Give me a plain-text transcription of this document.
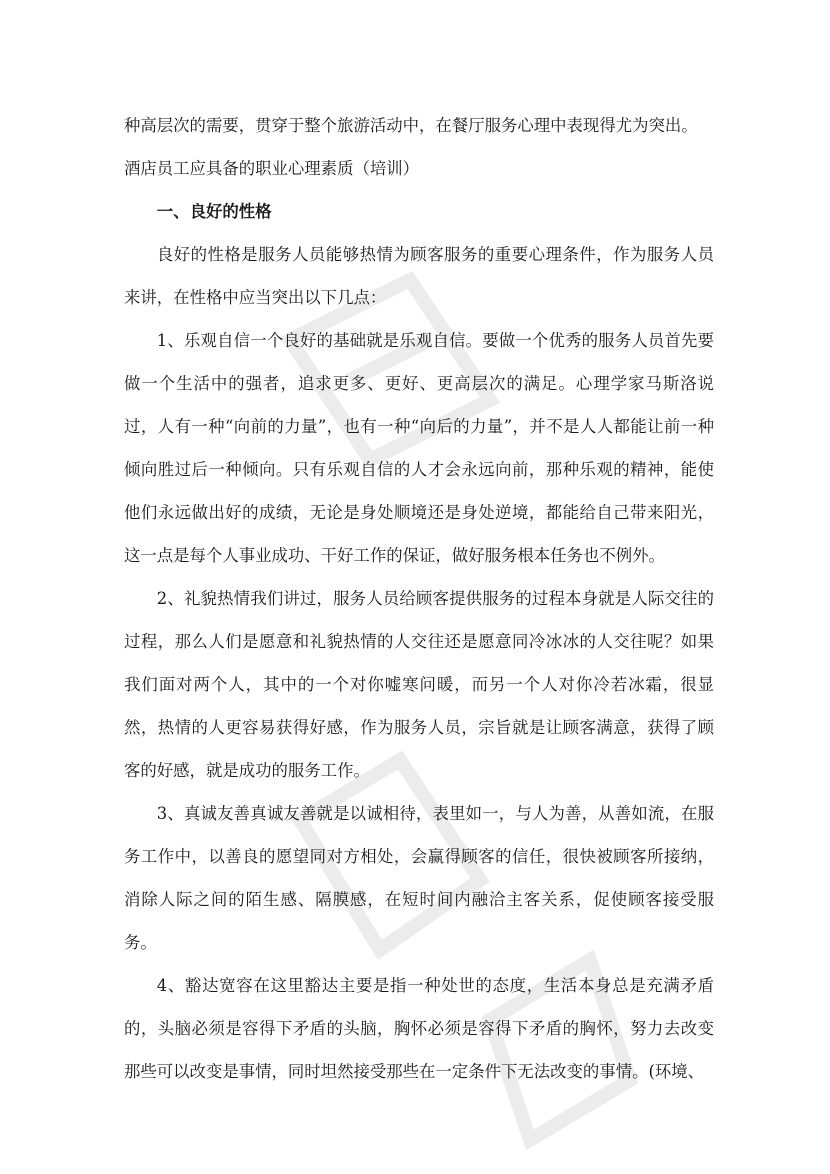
种高层次的需要，贯穿于整个旅游活动中，在餐厅服务心理中表现得尤为突出。

酒店员工应具备的职业心理素质（培训）

一、良好的性格

良好的性格是服务人员能够热情为顾客服务的重要心理条件，作为服务人员来讲，在性格中应当突出以下几点：

1、乐观自信一个良好的基础就是乐观自信。要做一个优秀的服务人员首先要做一个生活中的强者，追求更多、更好、更高层次的满足。心理学家马斯洛说过，人有一种“向前的力量”，也有一种“向后的力量”，并不是人人都能让前一种倾向胜过后一种倾向。只有乐观自信的人才会永远向前，那种乐观的精神，能使他们永远做出好的成绩，无论是身处顺境还是身处逆境，都能给自己带来阳光，这一点是每个人事业成功、干好工作的保证，做好服务根本任务也不例外。

2、礼貌热情我们讲过，服务人员给顾客提供服务的过程本身就是人际交往的过程，那么人们是愿意和礼貌热情的人交往还是愿意同冷冰冰的人交往呢？如果我们面对两个人，其中的一个对你嘘寒问暖，而另一个人对你冷若冰霜，很显然，热情的人更容易获得好感，作为服务人员，宗旨就是让顾客满意，获得了顾客的好感，就是成功的服务工作。

3、真诚友善真诚友善就是以诚相待，表里如一，与人为善，从善如流，在服务工作中，以善良的愿望同对方相处，会赢得顾客的信任，很快被顾客所接纳，消除人际之间的陌生感、隔膜感，在短时间内融洽主客关系，促使顾客接受服务。

4、豁达宽容在这里豁达主要是指一种处世的态度，生活本身总是充满矛盾的，头脑必须是容得下矛盾的头脑，胸怀必须是容得下矛盾的胸怀，努力去改变那些可以改变是事情，同时坦然接受那些在一定条件下无法改变的事情。(环境、
